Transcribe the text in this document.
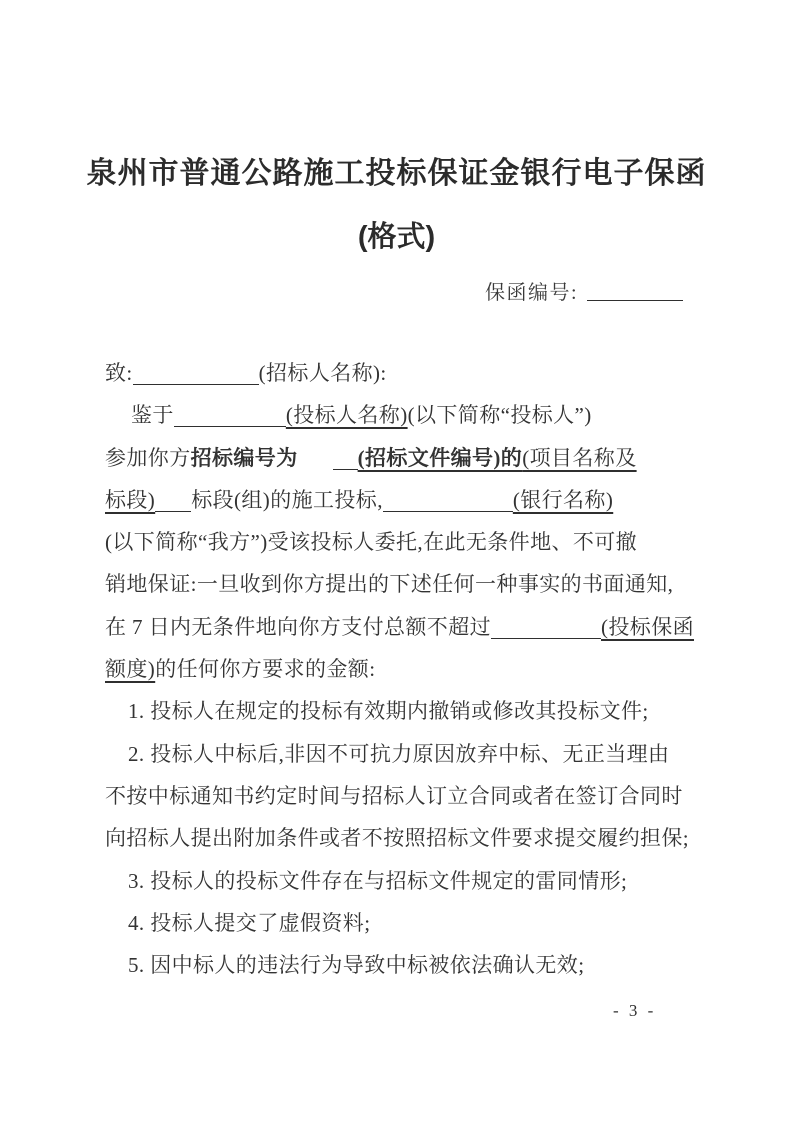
泉州市普通公路施工投标保证金银行电子保函
(格式)
保函编号:
致:	(招标人名称):
鉴于	(投标人名称)(以下简称“投标人”)
参加你方招标编号为	(招标文件编号)的(项目名称及
标段) 标段(组)的施工投标,	(银行名称)
(以下简称“我方”)受该投标人委托,在此无条件地、不可撤
销地保证:一旦收到你方提出的下述任何一种事实的书面通知,
在 7 日内无条件地向你方支付总额不超过	(投标保函
额度)的任何你方要求的金额:
1. 投标人在规定的投标有效期内撤销或修改其投标文件;
2. 投标人中标后,非因不可抗力原因放弃中标、无正当理由
不按中标通知书约定时间与招标人订立合同或者在签订合同时
向招标人提出附加条件或者不按照招标文件要求提交履约担保;
3. 投标人的投标文件存在与招标文件规定的雷同情形;
4. 投标人提交了虚假资料;
5. 因中标人的违法行为导致中标被依法确认无效;
- 3 -
